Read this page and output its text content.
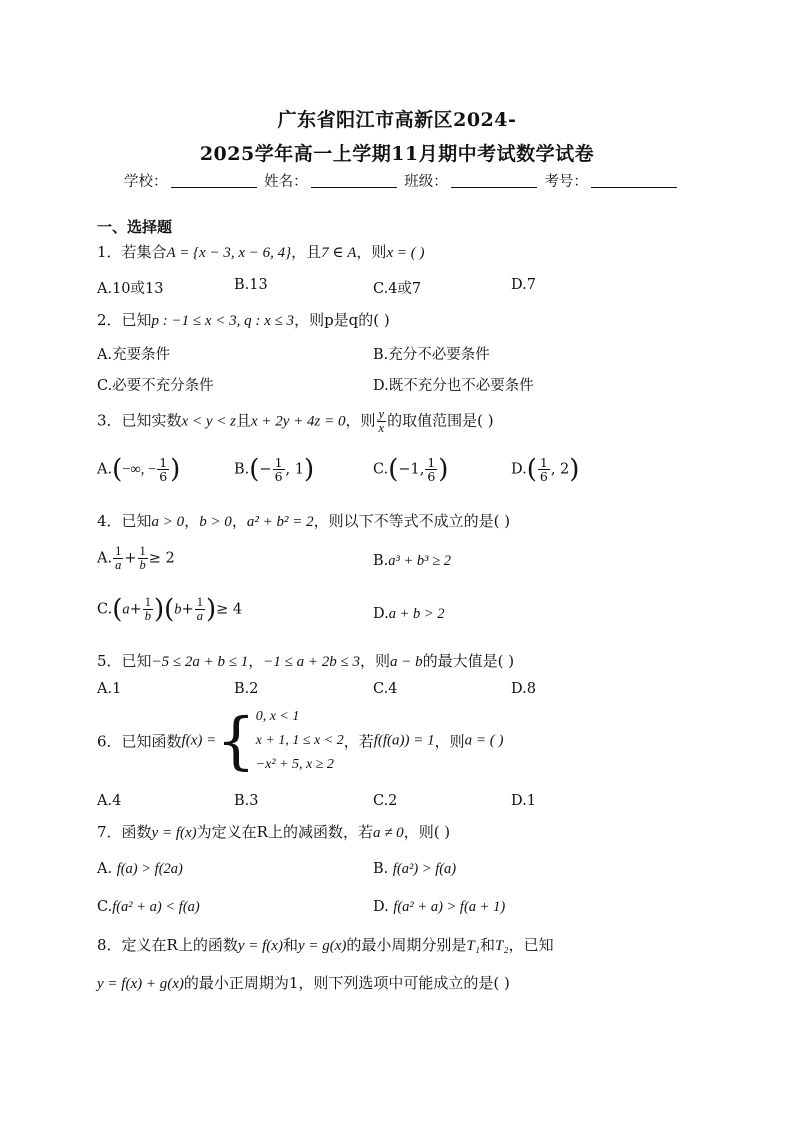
广东省阳江市高新区2024-
2025学年高一上学期11月期中考试数学试卷
学校：	姓名：	班级：	考号：
一、选择题
1．若集合A = {x − 3, x − 6, 4}，且7 ∈ A，则x = ( )
A.10或13	B.13	C.4或7	D.7
2．已知p : −1 ≤ x < 3, q : x ≤ 3，则p是q的( )
A.充要条件	B.充分不必要条件
C.必要不充分条件	D.既不充分也不必要条件
3．已知实数x < y < z且x + 2y + 4z = 0，则 $\frac{y}{x}$ 的取值范围是( )
A.(−∞, − $\frac{1}{6}$ )	$B.(- \frac{1}{6}$ , 1)	C.(−1, $\frac{1}{6}$ )	$D.( \frac{1}{6}$ , 2)
4．已知a > 0，b > 0，a² + b² = 2，则以下不等式不成立的是( )
A. $\frac{1}{a} + \frac{1}{b} \ge 2$	B.a³ + b³ ≥ 2
$C.(a+ \frac{1}{b} )(b+ \frac{1}{a}$ )≥ 4	D.a + b > 2
5．已知−5 ≤ 2a + b ≤ 1，−1 ≤ a + 2b ≤ 3，则a − b的最大值是( )
A.1	B.2	C.4	D.8
6．已知函数f(x) ={ 0, x < 1
x + 1, 1 ≤ x < 2
−x² + 5, x ≥ 2
，若f(f(a)) = 1，则a = ( )
A.4	B.3	C.2	D.1
7．函数y = f(x)为定义在R上的减函数，若a ≠ 0，则( )
A. f(a) > f(2a)	B. f(a²) > f(a)
C.f(a² + a) < f(a)	D. f(a² + a) > f(a + 1)
8．定义在R上的函数y = f(x)和y = g(x)的最小周期分别是T₁和T₂，已知
y = f(x) + g(x)的最小正周期为1，则下列选项中可能成立的是( )
